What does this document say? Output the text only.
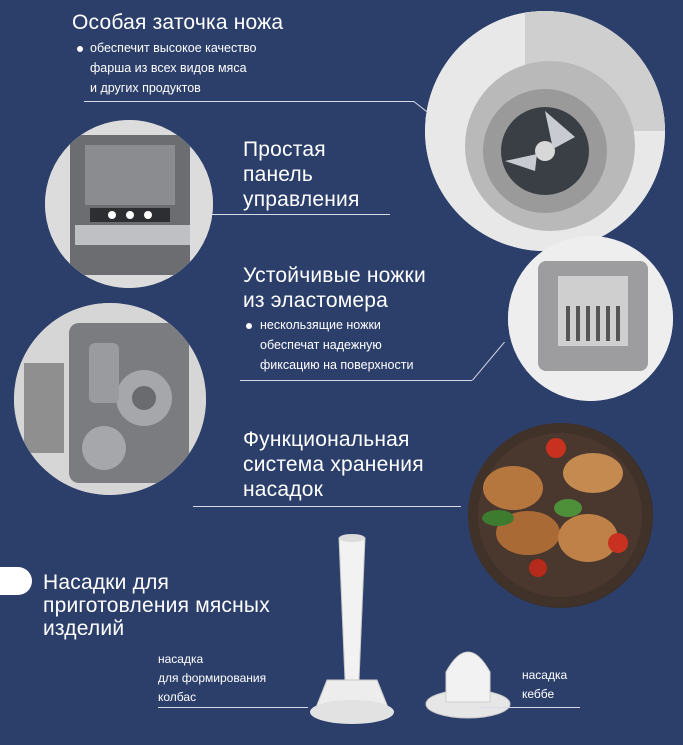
Особая заточка ножа
обеспечит высокое качество
фарша из всех видов мяса
и других продуктов
Простая
панель
управления
Устойчивые ножки
из эластомера
нескользящие ножки
обеспечат надежную
фиксацию на поверхности
Функциональная
система хранения
насадок
Насадки для
приготовления мясных
изделий
насадка
для формирования
колбас
насадка
кеббе
